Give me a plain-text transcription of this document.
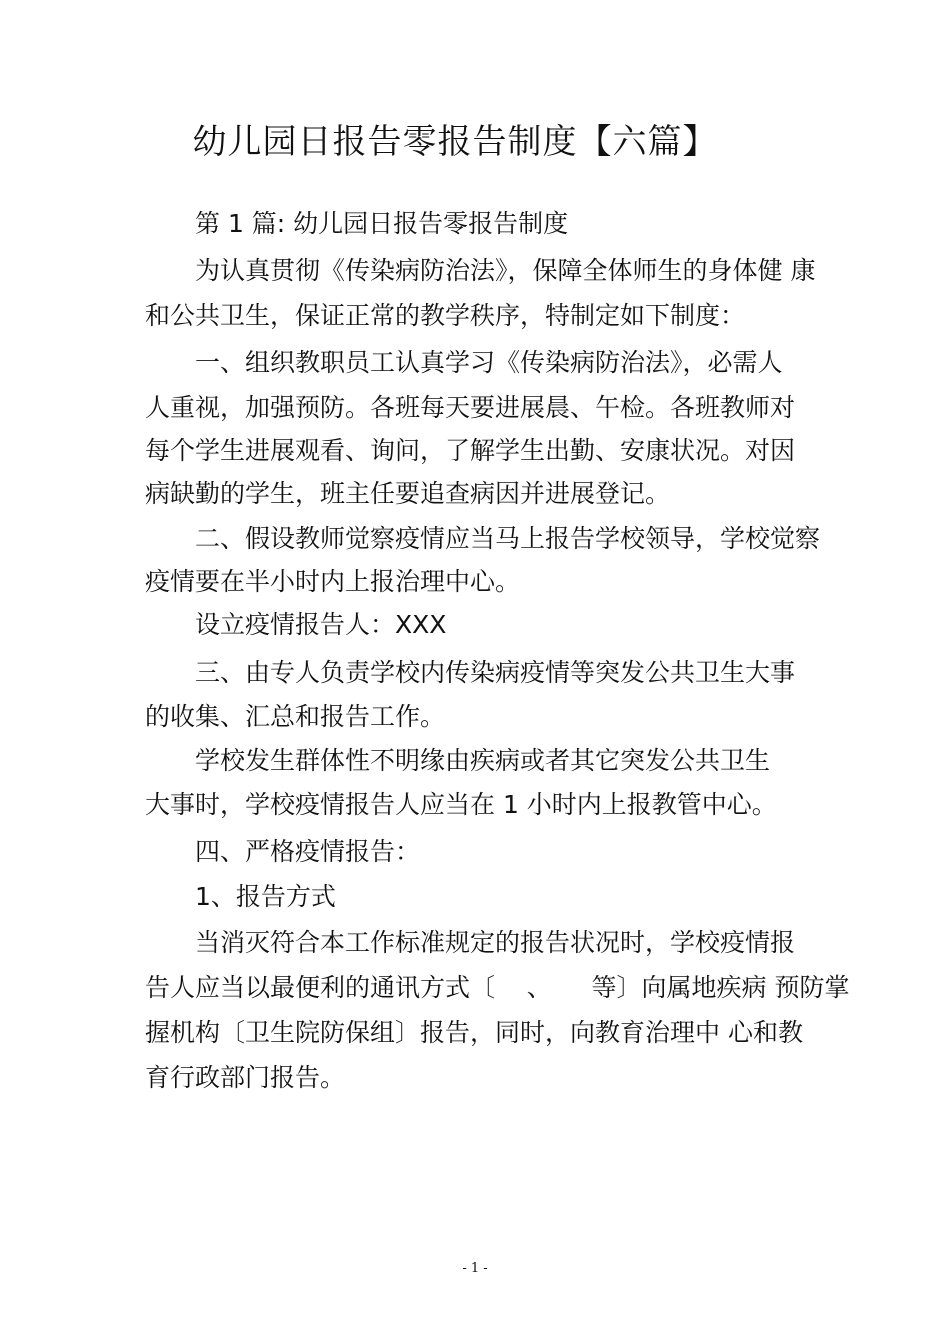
幼儿园日报告零报告制度【六篇】
第 1 篇: 幼儿园日报告零报告制度
为认真贯彻《传染病防治法》，保障全体师生的身体健 康
和公共卫生，保证正常的教学秩序，特制定如下制度：
一、组织教职员工认真学习《传染病防治法》，必需人
人重视，加强预防。各班每天要进展晨、午检。各班教师对
每个学生进展观看、询问，了解学生出勤、安康状况。对因
病缺勤的学生，班主任要追查病因并进展登记。
二、假设教师觉察疫情应当马上报告学校领导，学校觉察
疫情要在半小时内上报治理中心。
设立疫情报告人：XXX
三、由专人负责学校内传染病疫情等突发公共卫生大事
的收集、汇总和报告工作。
学校发生群体性不明缘由疾病或者其它突发公共卫生
大事时，学校疫情报告人应当在 1 小时内上报教管中心。
四、严格疫情报告：
1、报告方式
当消灭符合本工作标准规定的报告状况时，学校疫情报
告人应当以最便利的通讯方式〔    、     等〕向属地疾病 预防掌
握机构〔卫生院防保组〕报告，同时，向教育治理中 心和教
育行政部门报告。
- 1 -
